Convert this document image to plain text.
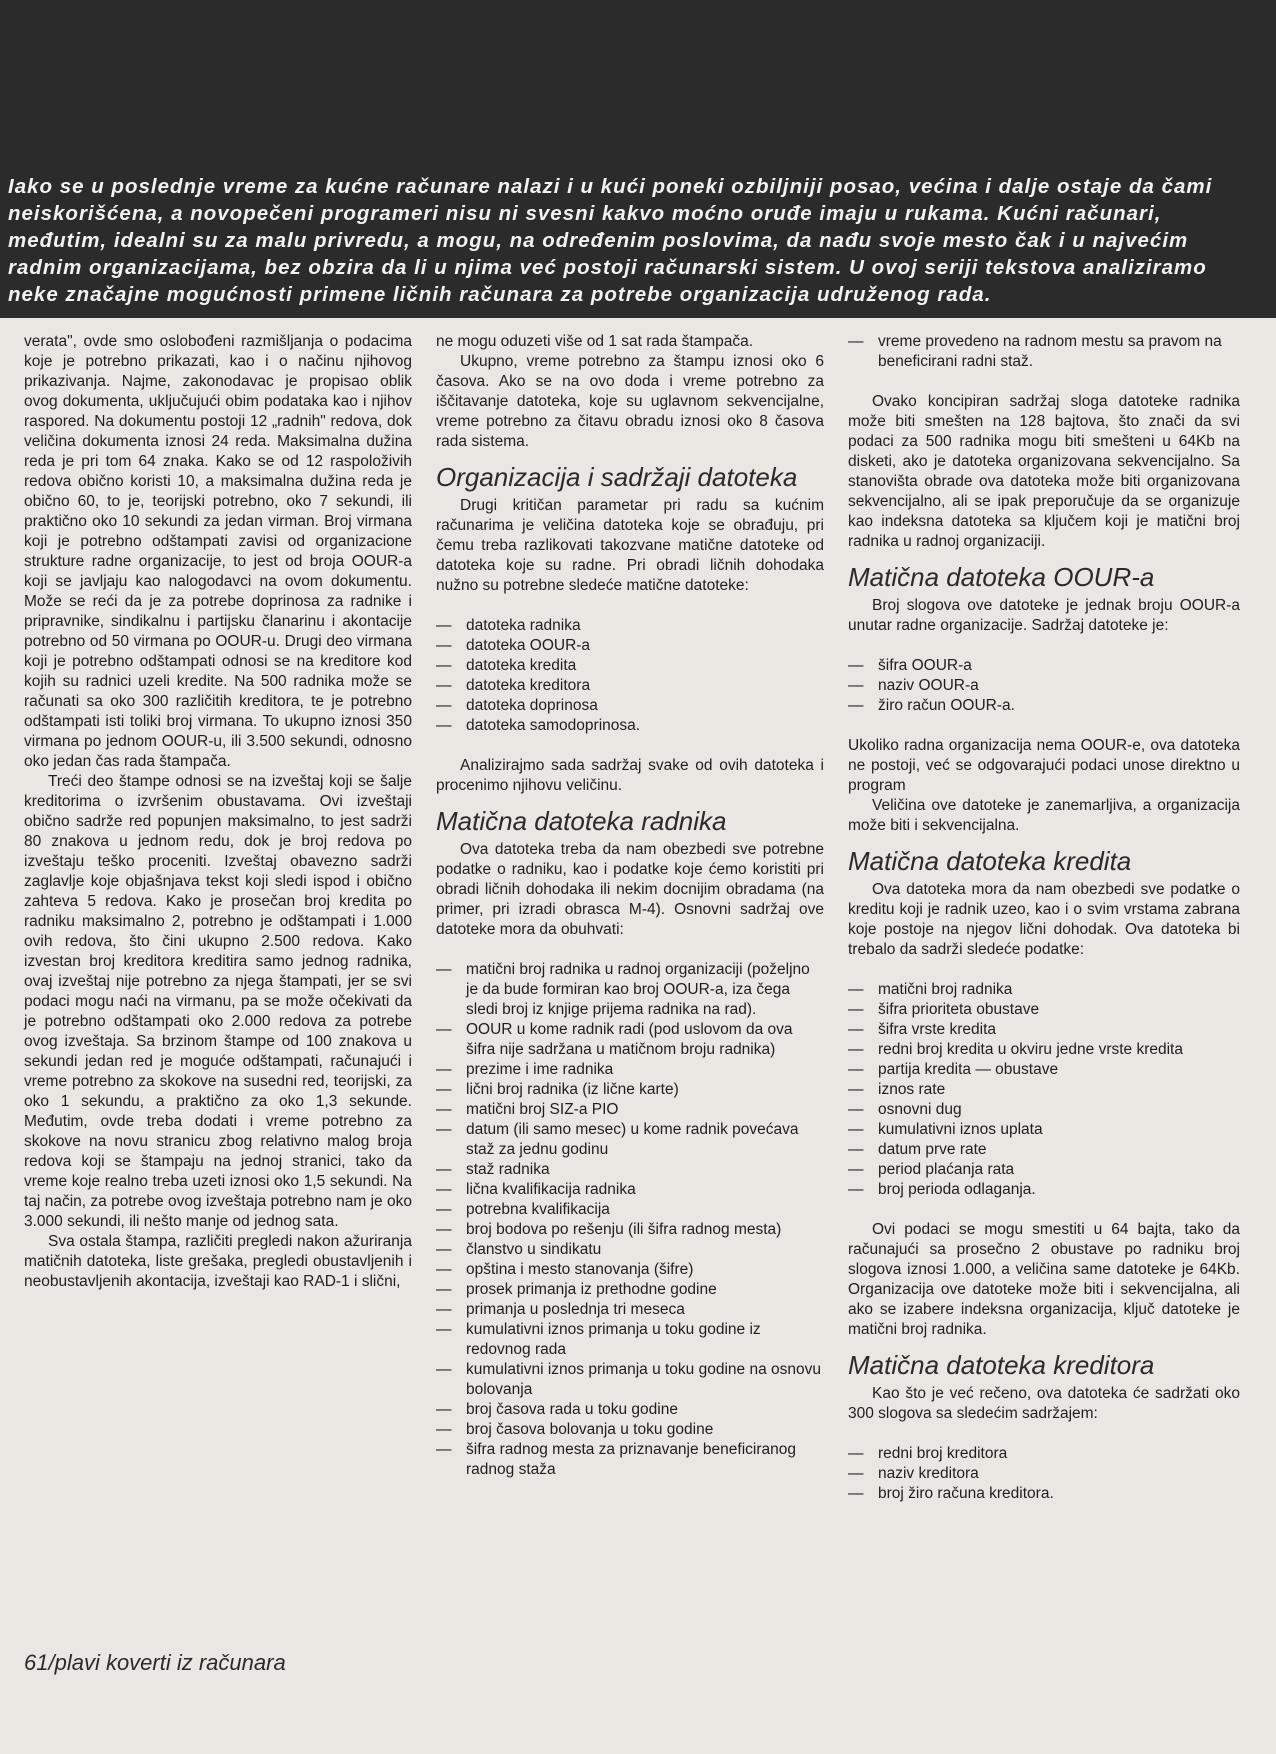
Iako se u poslednje vreme za kućne računare nalazi i u kući poneki ozbiljniji posao, većina i dalje ostaje da čami neiskorišćena, a novopečeni programeri nisu ni svesni kakvo moćno oruđe imaju u rukama. Kućni računari, međutim, idealni su za malu privredu, a mogu, na određenim poslovima, da nađu svoje mesto čak i u najvećim radnim organizacijama, bez obzira da li u njima već postoji računarski sistem. U ovoj seriji tekstova analiziramo neke značajne mogućnosti primene ličnih računara za potrebe organizacija udruženog rada.

verata", ovde smo oslobođeni razmišljanja o podacima koje je potrebno prikazati, kao i o načinu njihovog prikazivanja. Najme, zakonodavac je propisao oblik ovog dokumenta, uključujući obim podataka kao i njihov raspored. Na dokumentu postoji 12 „radnih" redova, dok veličina dokumenta iznosi 24 reda. Maksimalna dužina reda je pri tom 64 znaka. Kako se od 12 raspoloživih redova obično koristi 10, a maksimalna dužina reda je obično 60, to je, teorijski potrebno, oko 7 sekundi, ili praktično oko 10 sekundi za jedan virman. Broj virmana koji je potrebno odštampati zavisi od organizacione strukture radne organizacije, to jest od broja OOUR-a koji se javljaju kao nalogodavci na ovom dokumentu. Može se reći da je za potrebe doprinosa za radnike i pripravnike, sindikalnu i partijsku članarinu i akontacije potrebno od 50 virmana po OOUR-u. Drugi deo virmana koji je potrebno odštampati odnosi se na kreditore kod kojih su radnici uzeli kredite. Na 500 radnika može se računati sa oko 300 različitih kreditora, te je potrebno odštampati isti toliki broj virmana. To ukupno iznosi 350 virmana po jednom OOUR-u, ili 3.500 sekundi, odnosno oko jedan čas rada štampača.

Treći deo štampe odnosi se na izveštaj koji se šalje kreditorima o izvršenim obustavama. Ovi izveštaji obično sadrže red popunjen maksimalno, to jest sadrži 80 znakova u jednom redu, dok je broj redova po izveštaju teško proceniti. Izveštaj obavezno sadrži zaglavlje koje objašnjava tekst koji sledi ispod i obično zahteva 5 redova. Kako je prosečan broj kredita po radniku maksimalno 2, potrebno je odštampati i 1.000 ovih redova, što čini ukupno 2.500 redova. Kako izvestan broj kreditora kreditira samo jednog radnika, ovaj izveštaj nije potrebno za njega štampati, jer se svi podaci mogu naći na virmanu, pa se može očekivati da je potrebno odštampati oko 2.000 redova za potrebe ovog izveštaja. Sa brzinom štampe od 100 znakova u sekundi jedan red je moguće odštampati, računajući i vreme potrebno za skokove na susedni red, teorijski, za oko 1 sekundu, a praktično za oko 1,3 sekunde. Međutim, ovde treba dodati i vreme potrebno za skokove na novu stranicu zbog relativno malog broja redova koji se štampaju na jednoj stranici, tako da vreme koje realno treba uzeti iznosi oko 1,5 sekundi. Na taj način, za potrebe ovog izveštaja potrebno nam je oko 3.000 sekundi, ili nešto manje od jednog sata.

Sva ostala štampa, različiti pregledi nakon ažuriranja matičnih datoteka, liste grešaka, pregledi obustavljenih i neobustavljenih akontacija, izveštaji kao RAD-1 i slični,

ne mogu oduzeti više od 1 sat rada štampača.

Ukupno, vreme potrebno za štampu iznosi oko 6 časova. Ako se na ovo doda i vreme potrebno za iščitavanje datoteka, koje su uglavnom sekvencijalne, vreme potrebno za čitavu obradu iznosi oko 8 časova rada sistema.

Organizacija i sadržaji datoteka

Drugi kritičan parametar pri radu sa kućnim računarima je veličina datoteka koje se obrađuju, pri čemu treba razlikovati takozvane matične datoteke od datoteka koje su radne. Pri obradi ličnih dohodaka nužno su potrebne sledeće matične datoteke:

— datoteka radnika
— datoteka OOUR-a
— datoteka kredita
— datoteka kreditora
— datoteka doprinosa
— datoteka samodoprinosa.

Analizirajmo sada sadržaj svake od ovih datoteka i procenimo njihovu veličinu.

Matična datoteka radnika

Ova datoteka treba da nam obezbedi sve potrebne podatke o radniku, kao i podatke koje ćemo koristiti pri obradi ličnih dohodaka ili nekim docnijim obradama (na primer, pri izradi obrasca M-4). Osnovni sadržaj ove datoteke mora da obuhvati:

— matični broj radnika u radnoj organizaciji (poželjno je da bude formiran kao broj OOUR-a, iza čega sledi broj iz knjige prijema radnika na rad).
— OOUR u kome radnik radi (pod uslovom da ova šifra nije sadržana u matičnom broju radnika)
— prezime i ime radnika
— lični broj radnika (iz lične karte)
— matični broj SIZ-a PIO
— datum (ili samo mesec) u kome radnik povećava staž za jednu godinu
— staž radnika
— lična kvalifikacija radnika
— potrebna kvalifikacija
— broj bodova po rešenju (ili šifra radnog mesta)
— članstvo u sindikatu
— opština i mesto stanovanja (šifre)
— prosek primanja iz prethodne godine
— primanja u poslednja tri meseca
— kumulativni iznos primanja u toku godine iz redovnog rada
— kumulativni iznos primanja u toku godine na osnovu bolovanja
— broj časova rada u toku godine
— broj časova bolovanja u toku godine
— šifra radnog mesta za priznavanje beneficiranog radnog staža
— vreme provedeno na radnom mestu sa pravom na beneficirani radni staž.

Ovako koncipiran sadržaj sloga datoteke radnika može biti smešten na 128 bajtova, što znači da svi podaci za 500 radnika mogu biti smešteni u 64Kb na disketi, ako je datoteka organizovana sekvencijalno. Sa stanovišta obrade ova datoteka može biti organizovana sekvencijalno, ali se ipak preporučuje da se organizuje kao indeksna datoteka sa ključem koji je matični broj radnika u radnoj organizaciji.

Matična datoteka OOUR-a

Broj slogova ove datoteke je jednak broju OOUR-a unutar radne organizacije. Sadržaj datoteke je:

— šifra OOUR-a
— naziv OOUR-a
— žiro račun OOUR-a.

Ukoliko radna organizacija nema OOUR-e, ova datoteka ne postoji, već se odgovarajući podaci unose direktno u program

Veličina ove datoteke je zanemarljiva, a organizacija može biti i sekvencijalna.

Matična datoteka kredita

Ova datoteka mora da nam obezbedi sve podatke o kreditu koji je radnik uzeo, kao i o svim vrstama zabrana koje postoje na njegov lični dohodak. Ova datoteka bi trebalo da sadrži sledeće podatke:

— matični broj radnika
— šifra prioriteta obustave
— šifra vrste kredita
— redni broj kredita u okviru jedne vrste kredita
— partija kredita — obustave
— iznos rate
— osnovni dug
— kumulativni iznos uplata
— datum prve rate
— period plaćanja rata
— broj perioda odlaganja.

Ovi podaci se mogu smestiti u 64 bajta, tako da računajući sa prosečno 2 obustave po radniku broj slogova iznosi 1.000, a veličina same datoteke je 64Kb. Organizacija ove datoteke može biti i sekvencijalna, ali ako se izabere indeksna organizacija, ključ datoteke je matični broj radnika.

Matična datoteka kreditora

Kao što je već rečeno, ova datoteka će sadržati oko 300 slogova sa sledećim sadržajem:

— redni broj kreditora
— naziv kreditora
— broj žiro računa kreditora.
61/plavi koverti iz računara
